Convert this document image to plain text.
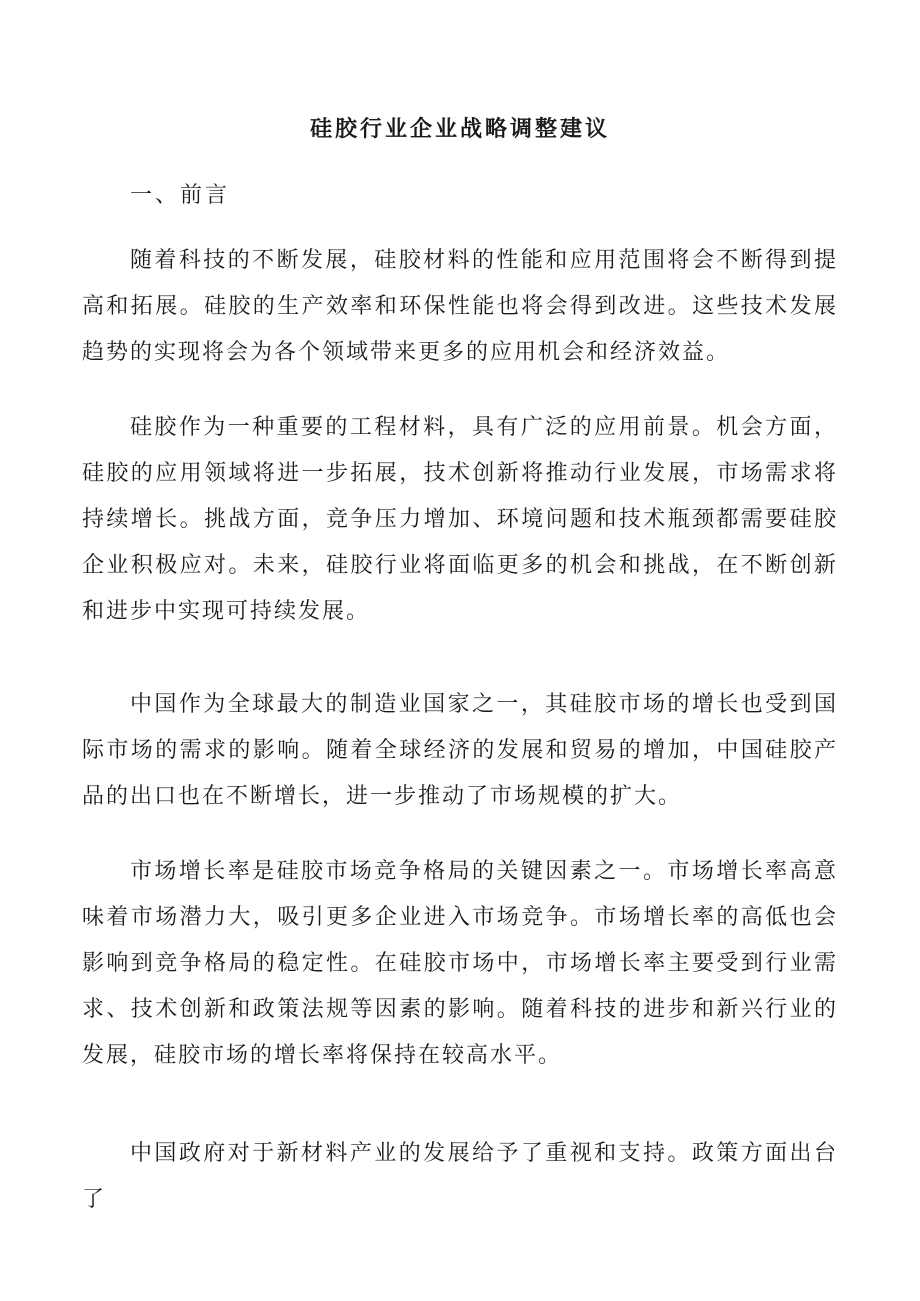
硅胶行业企业战略调整建议
一、前言

随着科技的不断发展，硅胶材料的性能和应用范围将会不断得到提高和拓展。硅胶的生产效率和环保性能也将会得到改进。这些技术发展趋势的实现将会为各个领域带来更多的应用机会和经济效益。

硅胶作为一种重要的工程材料，具有广泛的应用前景。机会方面，硅胶的应用领域将进一步拓展，技术创新将推动行业发展，市场需求将持续增长。挑战方面，竞争压力增加、环境问题和技术瓶颈都需要硅胶企业积极应对。未来，硅胶行业将面临更多的机会和挑战，在不断创新和进步中实现可持续发展。

中国作为全球最大的制造业国家之一，其硅胶市场的增长也受到国际市场的需求的影响。随着全球经济的发展和贸易的增加，中国硅胶产品的出口也在不断增长，进一步推动了市场规模的扩大。

市场增长率是硅胶市场竞争格局的关键因素之一。市场增长率高意味着市场潜力大，吸引更多企业进入市场竞争。市场增长率的高低也会影响到竞争格局的稳定性。在硅胶市场中，市场增长率主要受到行业需求、技术创新和政策法规等因素的影响。随着科技的进步和新兴行业的发展，硅胶市场的增长率将保持在较高水平。

中国政府对于新材料产业的发展给予了重视和支持。政策方面出台了
